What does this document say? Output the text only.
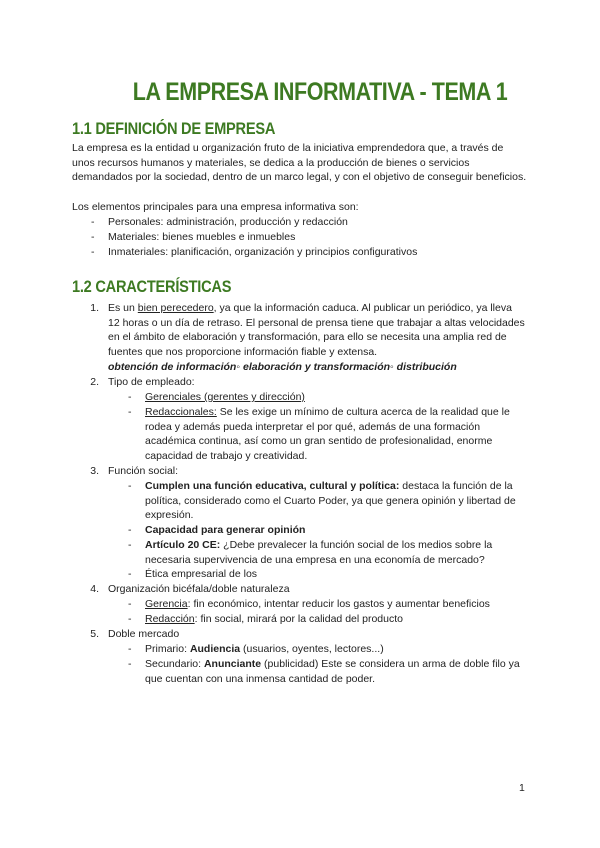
LA EMPRESA INFORMATIVA - TEMA 1
1.1 DEFINICIÓN DE EMPRESA
La empresa es la entidad u organización fruto de la iniciativa emprendedora que, a través de unos recursos humanos y materiales, se dedica a la producción de bienes o servicios demandados por la sociedad, dentro de un marco legal, y con el objetivo de conseguir beneficios.
Los elementos principales para una empresa informativa son:
- Personales: administración, producción y redacción
- Materiales: bienes muebles e inmuebles
- Inmateriales: planificación, organización y principios configurativos
1.2 CARACTERÍSTICAS
1. Es un bien perecedero, ya que la información caduca. Al publicar un periódico, ya lleva 12 horas o un día de retraso. El personal de prensa tiene que trabajar a altas velocidades en el ámbito de elaboración y transformación, para ello se necesita una amplia red de fuentes que nos proporcione información fiable y extensa.
obtención de información◦ elaboración y transformación◦ distribución
2. Tipo de empleado:
- Gerenciales (gerentes y dirección)
- Redaccionales: Se les exige un mínimo de cultura acerca de la realidad que le rodea y además pueda interpretar el por qué, además de una formación académica continua, así como un gran sentido de profesionalidad, enorme capacidad de trabajo y creatividad.
3. Función social:
- Cumplen una función educativa, cultural y política: destaca la función de la política, considerado como el Cuarto Poder, ya que genera opinión y libertad de expresión.
- Capacidad para generar opinión
- Artículo 20 CE: ¿Debe prevalecer la función social de los medios sobre la necesaria supervivencia de una empresa en una economía de mercado?
- Ética empresarial de los
4. Organización bicéfala/doble naturaleza
- Gerencia: fin económico, intentar reducir los gastos y aumentar beneficios
- Redacción: fin social, mirará por la calidad del producto
5. Doble mercado
- Primario: Audiencia (usuarios, oyentes, lectores...)
- Secundario: Anunciante (publicidad) Este se considera un arma de doble filo ya que cuentan con una inmensa cantidad de poder.
1
